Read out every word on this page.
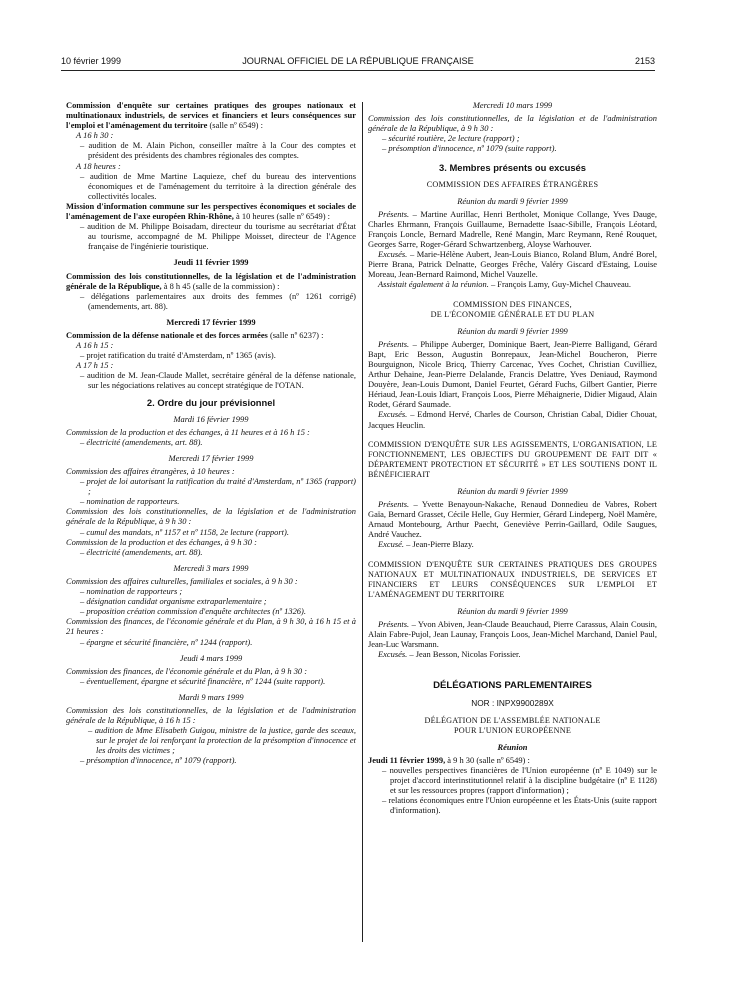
10 février 1999	JOURNAL OFFICIEL DE LA RÉPUBLIQUE FRANÇAISE	2153

Commission d'enquête sur certaines pratiques des groupes nationaux et multinationaux industriels, de services et financiers et leurs conséquences sur l'emploi et l'aménagement du territoire (salle nº 6549) :

A 16 h 30 :

– audition de M. Alain Pichon, conseiller maître à la Cour des comptes et président des présidents des chambres régionales des comptes.

A 18 heures :

– audition de Mme Martine Laquieze, chef du bureau des interventions économiques et de l'aménagement du territoire à la direction générale des collectivités locales.

Mission d'information commune sur les perspectives économiques et sociales de l'aménagement de l'axe européen Rhin-Rhône, à 10 heures (salle nº 6549) :

– audition de M. Philippe Boisadam, directeur du tourisme au secrétariat d'État au tourisme, accompagné de M. Philippe Moisset, directeur de l'Agence française de l'ingénierie touristique.

Jeudi 11 février 1999

Commission des lois constitutionnelles, de la législation et de l'administration générale de la République, à 8 h 45 (salle de la commission) :

– délégations parlementaires aux droits des femmes (nº 1261 corrigé) (amendements, art. 88).

Mercredi 17 février 1999

Commission de la défense nationale et des forces armées (salle nº 6237) :

A 16 h 15 :

– projet ratification du traité d'Amsterdam, nº 1365 (avis).

A 17 h 15 :

– audition de M. Jean-Claude Mallet, secrétaire général de la défense nationale, sur les négociations relatives au concept stratégique de l'OTAN.

2. Ordre du jour prévisionnel

Mardi 16 février 1999

Commission de la production et des échanges, à 11 heures et à 16 h 15 :

– électricité (amendements, art. 88).

Mercredi 17 février 1999

Commission des affaires étrangères, à 10 heures :

– projet de loi autorisant la ratification du traité d'Amsterdam, nº 1365 (rapport) ;

– nomination de rapporteurs.

Commission des lois constitutionnelles, de la législation et de l'administration générale de la République, à 9 h 30 :

– cumul des mandats, nº 1157 et nº 1158, 2e lecture (rapport).

Commission de la production et des échanges, à 9 h 30 :

– électricité (amendements, art. 88).

Mercredi 3 mars 1999

Commission des affaires culturelles, familiales et sociales, à 9 h 30 :

– nomination de rapporteurs ;

– désignation candidat organisme extraparlementaire ;

– proposition création commission d'enquête architectes (nº 1326).

Commission des finances, de l'économie générale et du Plan, à 9 h 30, à 16 h 15 et à 21 heures :

– épargne et sécurité financière, nº 1244 (rapport).

Jeudi 4 mars 1999

Commission des finances, de l'économie générale et du Plan, à 9 h 30 :

– éventuellement, épargne et sécurité financière, nº 1244 (suite rapport).

Mardi 9 mars 1999

Commission des lois constitutionnelles, de la législation et de l'administration générale de la République, à 16 h 15 :

– audition de Mme Elisabeth Guigou, ministre de la justice, garde des sceaux, sur le projet de loi renforçant la protection de la présomption d'innocence et les droits des victimes ;

– présomption d'innocence, nº 1079 (rapport).

Mercredi 10 mars 1999

Commission des lois constitutionnelles, de la législation et de l'administration générale de la République, à 9 h 30 :

– sécurité routière, 2e lecture (rapport) ;

– présomption d'innocence, nº 1079 (suite rapport).

3. Membres présents ou excusés

COMMISSION DES AFFAIRES ÉTRANGÈRES

Réunion du mardi 9 février 1999

Présents. – Martine Aurillac, Henri Bertholet, Monique Collange, Yves Dauge, Charles Ehrmann, François Guillaume, Bernadette Isaac-Sibille, François Léotard, François Loncle, Bernard Madrelle, René Mangin, Marc Reymann, René Rouquet, Georges Sarre, Roger-Gérard Schwartzenberg, Aloyse Warhouver.

Excusés. – Marie-Hélène Aubert, Jean-Louis Bianco, Roland Blum, André Borel, Pierre Brana, Patrick Delnatte, Georges Frêche, Valéry Giscard d'Estaing, Louise Moreau, Jean-Bernard Raimond, Michel Vauzelle.

Assistait également à la réunion. – François Lamy, Guy-Michel Chauveau.

COMMISSION DES FINANCES,

DE L'ÉCONOMIE GÉNÉRALE ET DU PLAN

Réunion du mardi 9 février 1999

Présents. – Philippe Auberger, Dominique Baert, Jean-Pierre Balligand, Gérard Bapt, Eric Besson, Augustin Bonrepaux, Jean-Michel Boucheron, Pierre Bourguignon, Nicole Bricq, Thierry Carcenac, Yves Cochet, Christian Cuvilliez, Arthur Dehaine, Jean-Pierre Delalande, Francis Delattre, Yves Deniaud, Raymond Douyère, Jean-Louis Dumont, Daniel Feurtet, Gérard Fuchs, Gilbert Gantier, Pierre Hériaud, Jean-Louis Idiart, François Loos, Pierre Méhaignerie, Didier Migaud, Alain Rodet, Gérard Saumade.

Excusés. – Edmond Hervé, Charles de Courson, Christian Cabal, Didier Chouat, Jacques Heuclin.

COMMISSION D'ENQUÊTE SUR LES AGISSEMENTS, L'ORGANISATION, LE FONCTIONNEMENT, LES OBJECTIFS DU GROUPEMENT DE FAIT DIT « DÉPARTEMENT PROTECTION ET SÉCURITÉ » ET LES SOUTIENS DONT IL BÉNÉFICIERAIT

Réunion du mardi 9 février 1999

Présents. – Yvette Benayoun-Nakache, Renaud Donnedieu de Vabres, Robert Gaïa, Bernard Grasset, Cécile Helle, Guy Hermier, Gérard Lindeperg, Noël Mamère, Arnaud Montebourg, Arthur Paecht, Geneviève Perrin-Gaillard, Odile Saugues, André Vauchez.

Excusé. – Jean-Pierre Blazy.

COMMISSION D'ENQUÊTE SUR CERTAINES PRATIQUES DES GROUPES NATIONAUX ET MULTINATIONAUX INDUSTRIELS, DE SERVICES ET FINANCIERS ET LEURS CONSÉQUENCES SUR L'EMPLOI ET L'AMÉNAGEMENT DU TERRITOIRE

Réunion du mardi 9 février 1999

Présents. – Yvon Abiven, Jean-Claude Beauchaud, Pierre Carassus, Alain Cousin, Alain Fabre-Pujol, Jean Launay, François Loos, Jean-Michel Marchand, Daniel Paul, Jean-Luc Warsmann.

Excusés. – Jean Besson, Nicolas Forissier.

DÉLÉGATIONS PARLEMENTAIRES

NOR : INPX9900289X

DÉLÉGATION DE L'ASSEMBLÉE NATIONALE

POUR L'UNION EUROPÉENNE

Réunion

Jeudi 11 février 1999, à 9 h 30 (salle nº 6549) :

– nouvelles perspectives financières de l'Union européenne (nº E 1049) sur le projet d'accord interinstitutionnel relatif à la discipline budgétaire (nº E 1128) et sur les ressources propres (rapport d'information) ;

– relations économiques entre l'Union européenne et les États-Unis (suite rapport d'information).
